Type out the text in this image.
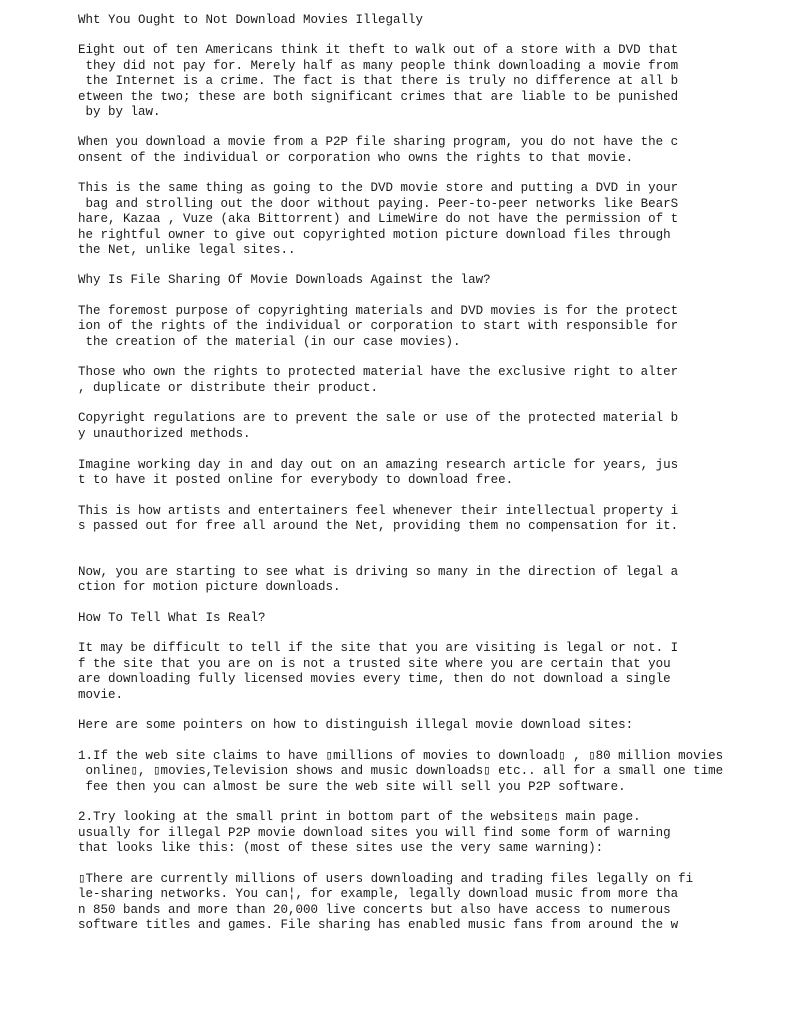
Wht You Ought to Not Download Movies Illegally

Eight out of ten Americans think it theft to walk out of a store with a DVD that

they did not pay for. Merely half as many people think downloading a movie from

the Internet is a crime. The fact is that there is truly no difference at all b

etween the two; these are both significant crimes that are liable to be punished

by by law.

When you download a movie from a P2P file sharing program, you do not have the c

onsent of the individual or corporation who owns the rights to that movie.

This is the same thing as going to the DVD movie store and putting a DVD in your

bag and strolling out the door without paying. Peer-to-peer networks like BearS

hare, Kazaa , Vuze (aka Bittorrent) and LimeWire do not have the permission of t

he rightful owner to give out copyrighted motion picture download files through

the Net, unlike legal sites..

Why Is File Sharing Of Movie Downloads Against the law?

The foremost purpose of copyrighting materials and DVD movies is for the protect

ion of the rights of the individual or corporation to start with responsible for

the creation of the material (in our case movies).

Those who own the rights to protected material have the exclusive right to alter

, duplicate or distribute their product.

Copyright regulations are to prevent the sale or use of the protected material b

y unauthorized methods.

Imagine working day in and day out on an amazing research article for years, jus

t to have it posted online for everybody to download free.

This is how artists and entertainers feel whenever their intellectual property i

s passed out for free all around the Net, providing them no compensation for it.

Now, you are starting to see what is driving so many in the direction of legal a

ction for motion picture downloads.

How To Tell What Is Real?

It may be difficult to tell if the site that you are visiting is legal or not. I

f the site that you are on is not a trusted site where you are certain that you

are downloading fully licensed movies every time, then do not download a single

movie.

Here are some pointers on how to distinguish illegal movie download sites:

1.If the web site claims to have ▯millions of movies to download▯ , ▯80 million movies

online▯, ▯movies,Television shows and music downloads▯ etc.. all for a small one time

fee then you can almost be sure the web site will sell you P2P software.

2.Try looking at the small print in bottom part of the website▯s main page.

usually for illegal P2P movie download sites you will find some form of warning

that looks like this: (most of these sites use the very same warning):

▯There are currently millions of users downloading and trading files legally on fi

le-sharing networks. You can¦, for example, legally download music from more tha

n 850 bands and more than 20,000 live concerts but also have access to numerous

software titles and games. File sharing has enabled music fans from around the w
